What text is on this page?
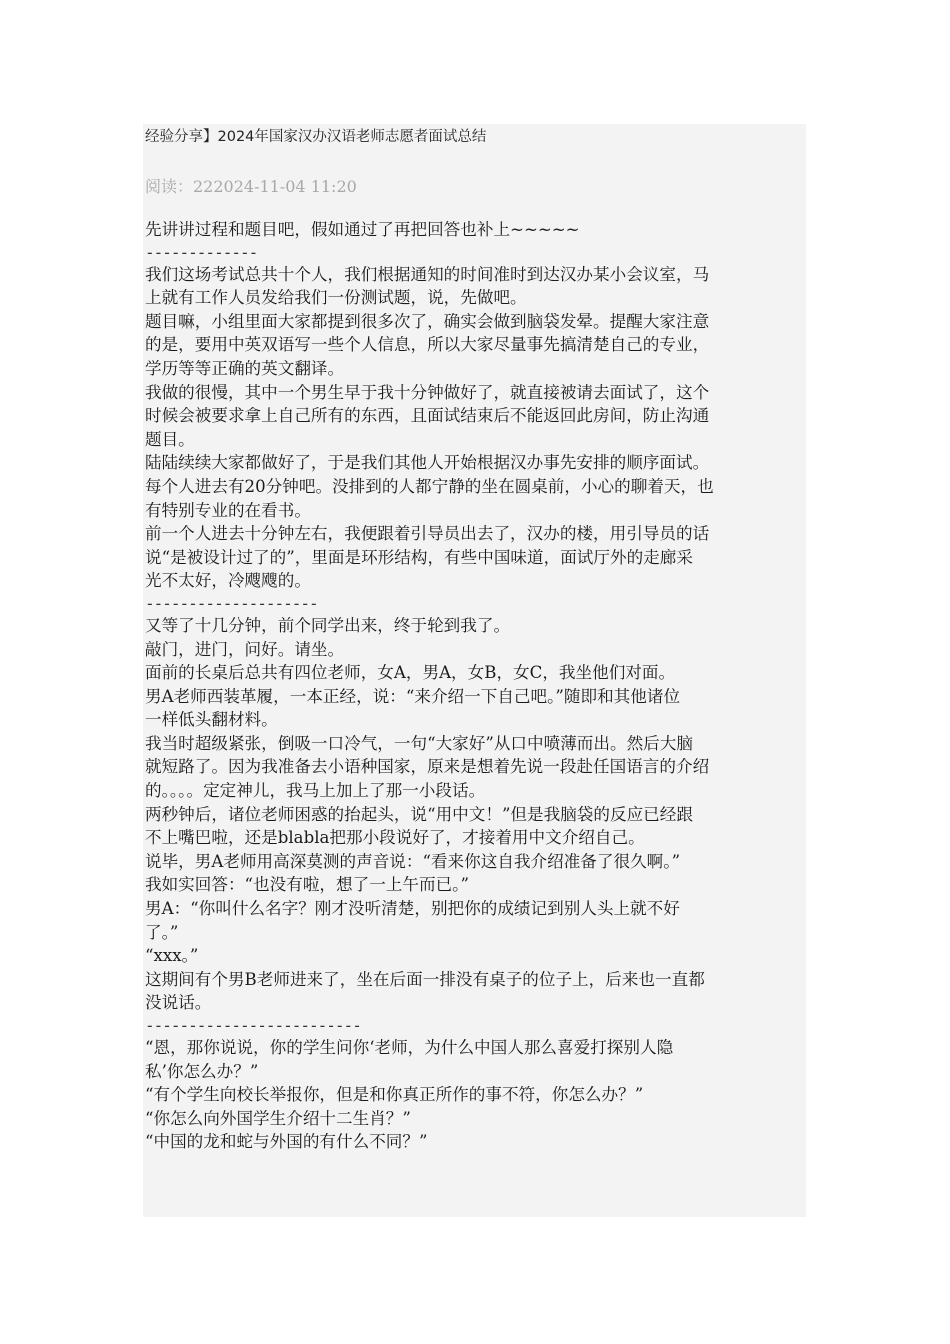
经验分享】2024年国家汉办汉语老师志愿者面试总结
阅读：222024-11-04 11:20

先讲讲过程和题目吧，假如通过了再把回答也补上~~~~~

-------------

我们这场考试总共十个人，我们根据通知的时间准时到达汉办某小会议室，马
上就有工作人员发给我们一份测试题，说，先做吧。

题目嘛，小组里面大家都提到很多次了，确实会做到脑袋发晕。提醒大家注意
的是，要用中英双语写一些个人信息，所以大家尽量事先搞清楚自己的专业，
学历等等正确的英文翻译。

我做的很慢，其中一个男生早于我十分钟做好了，就直接被请去面试了，这个
时候会被要求拿上自己所有的东西，且面试结束后不能返回此房间，防止沟通
题目。

陆陆续续大家都做好了，于是我们其他人开始根据汉办事先安排的顺序面试。
每个人进去有20分钟吧。没排到的人都宁静的坐在圆桌前，小心的聊着天，也
有特别专业的在看书。

前一个人进去十分钟左右，我便跟着引导员出去了，汉办的楼，用引导员的话
说“是被设计过了的”，里面是环形结构，有些中国味道，面试厅外的走廊采
光不太好，冷飕飕的。

--------------------

又等了十几分钟，前个同学出来，终于轮到我了。

敲门，进门，问好。请坐。

面前的长桌后总共有四位老师，女A，男A，女B，女C，我坐他们对面。

男A老师西装革履，一本正经，说：“来介绍一下自己吧。”随即和其他诸位
一样低头翻材料。

我当时超级紧张，倒吸一口冷气，一句“大家好”从口中喷薄而出。然后大脑
就短路了。因为我准备去小语种国家，原来是想着先说一段赴任国语言的介绍
的。。。。定定神儿，我马上加上了那一小段话。

两秒钟后，诸位老师困惑的抬起头，说“用中文！”但是我脑袋的反应已经跟
不上嘴巴啦，还是blabla把那小段说好了，才接着用中文介绍自己。

说毕，男A老师用高深莫测的声音说：“看来你这自我介绍准备了很久啊。”

我如实回答：“也没有啦，想了一上午而已。”

男A：“你叫什么名字？刚才没听清楚，别把你的成绩记到别人头上就不好
了。”

“xxx。”

这期间有个男B老师进来了，坐在后面一排没有桌子的位子上，后来也一直都
没说话。

-------------------------

“恩，那你说说，你的学生问你‘老师，为什么中国人那么喜爱打探别人隐
私’你怎么办？”

“有个学生向校长举报你，但是和你真正所作的事不符，你怎么办？”

“你怎么向外国学生介绍十二生肖？”

“中国的龙和蛇与外国的有什么不同？”
